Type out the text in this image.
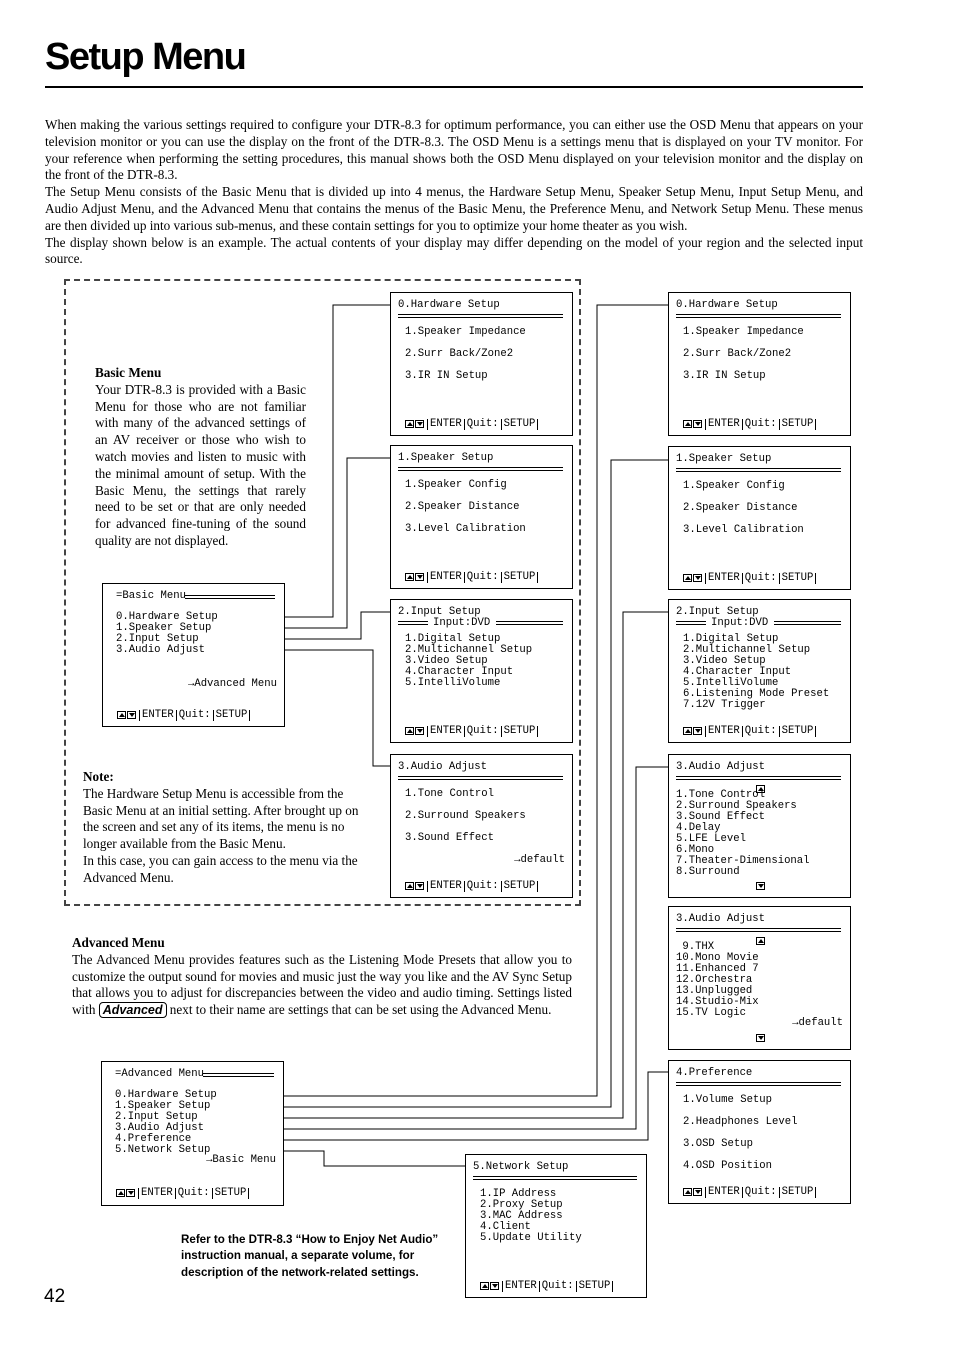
Setup Menu

When making the various settings required to configure your DTR-8.3 for optimum performance, you can either use the OSD Menu that appears on your television monitor or you can use the display on the front of the DTR-8.3. The OSD Menu is a settings menu that is displayed on your TV monitor. For your reference when performing the setting procedures, this manual shows both the OSD Menu displayed on your television monitor and the display on the front of the DTR-8.3.

The Setup Menu consists of the Basic Menu that is divided up into 4 menus, the Hardware Setup Menu, Speaker Setup Menu, Input Setup Menu, and Audio Adjust Menu, and the Advanced Menu that contains the menus of the Basic Menu, the Preference Menu, and Network Setup Menu. These menus are then divided up into various sub-menus, and these contain settings for you to optimize your home theater as you wish.

The display shown below is an example. The actual contents of your display may differ depending on the model of your region and the selected input source.

Basic Menu
Your DTR-8.3 is provided with a Basic Menu for those who are not familiar with many of the advanced settings of an AV receiver or those who wish to watch movies and listen to music with the minimal amount of setup. With the Basic Menu, the settings that rarely need to be set or that are only needed for advanced fine-tuning of the sound quality are not displayed.
Note:
The Hardware Setup Menu is accessible from the Basic Menu at an initial setting. After brought up on the screen and set any of its items, the menu is no longer available from the Basic Menu.
In this case, you can gain access to the menu via the Advanced Menu.
Advanced Menu
The Advanced Menu provides features such as the Listening Mode Presets that allow you to customize the output sound for movies and music just the way you like and the AV Sync Setup that allows you to adjust for discrepancies between the video and audio timing. Settings listed with Advanced next to their name are settings that can be set using the Advanced Menu.
Refer to the DTR-8.3 “How to Enjoy Net Audio” instruction manual, a separate volume, for description of the network-related settings.
42
=Basic Menu
0.Hardware Setup
1.Speaker Setup
2.Input Setup
3.Audio Adjust
→Advanced Menu
ENTER Quit: SETUP
=Advanced Menu
0.Hardware Setup
1.Speaker Setup
2.Input Setup
3.Audio Adjust
4.Preference
5.Network Setup
→Basic Menu
ENTER Quit: SETUP
0.Hardware Setup
1.Speaker Impedance
2.Surr Back/Zone2
3.IR IN Setup
ENTER Quit: SETUP
1.Speaker Setup
1.Speaker Config
2.Speaker Distance
3.Level Calibration
ENTER Quit: SETUP
2.Input Setup
Input:DVD
1.Digital Setup
2.Multichannel Setup
3.Video Setup
4.Character Input
5.IntelliVolume
ENTER Quit: SETUP
3.Audio Adjust
1.Tone Control
2.Surround Speakers
3.Sound Effect
→default
ENTER Quit: SETUP
0.Hardware Setup
1.Speaker Impedance
2.Surr Back/Zone2
3.IR IN Setup
ENTER Quit: SETUP
1.Speaker Setup
1.Speaker Config
2.Speaker Distance
3.Level Calibration
ENTER Quit: SETUP
2.Input Setup
Input:DVD
1.Digital Setup
2.Multichannel Setup
3.Video Setup
4.Character Input
5.IntelliVolume
6.Listening Mode Preset
7.12V Trigger
ENTER Quit: SETUP
3.Audio Adjust
1.Tone Control
2.Surround Speakers
3.Sound Effect
4.Delay
5.LFE Level
6.Mono
7.Theater-Dimensional
8.Surround
3.Audio Adjust
9.THX
10.Mono Movie
11.Enhanced 7
12.Orchestra
13.Unplugged
14.Studio-Mix
15.TV Logic
→default
4.Preference
1.Volume Setup
2.Headphones Level
3.OSD Setup
4.OSD Position
ENTER Quit: SETUP
5.Network Setup
1.IP Address
2.Proxy Setup
3.MAC Address
4.Client
5.Update Utility
ENTER Quit: SETUP
